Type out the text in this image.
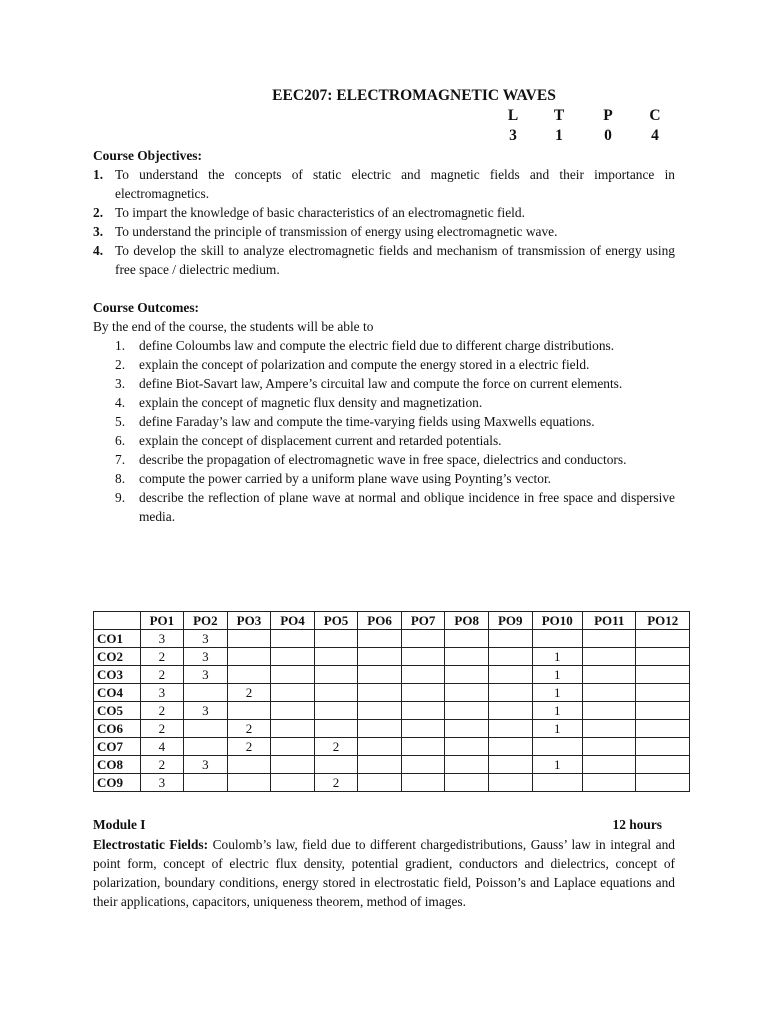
EEC207: ELECTROMAGNETIC WAVES
L	T	P	C
3	1	0	4
Course Objectives:
1. To understand the concepts of static electric and magnetic fields and their importance in electromagnetics.
2. To impart the knowledge of basic characteristics of an electromagnetic field.
3. To understand the principle of transmission of energy using electromagnetic wave.
4. To develop the skill to analyze electromagnetic fields and mechanism of transmission of energy using free space / dielectric medium.
Course Outcomes:
By the end of the course, the students will be able to
1. define Coloumbs law and compute the electric field due to different charge distributions.
2. explain the concept of polarization and compute the energy stored in a electric field.
3. define Biot-Savart law, Ampere’s circuital law and compute the force on current elements.
4. explain the concept of magnetic flux density and magnetization.
5. define Faraday’s law and compute the time-varying fields using Maxwells equations.
6. explain the concept of displacement current and retarded potentials.
7. describe the propagation of electromagnetic wave in free space, dielectrics and conductors.
8. compute the power carried by a uniform plane wave using Poynting’s vector.
9. describe the reflection of plane wave at normal and oblique incidence in free space and dispersive media.
	PO1	PO2	PO3	PO4	PO5	PO6	PO7	PO8	PO9	PO10	PO11	PO12
CO1	3	3										
CO2	2	3								1		
CO3	2	3								1		
CO4	3		2							1		
CO5	2	3								1		
CO6	2		2							1		
CO7	4		2		2							
CO8	2	3								1		
CO9	3				2							
Module I	12 hours
Electrostatic Fields: Coulomb’s law, field due to different chargedistributions, Gauss’ law in integral and point form, concept of electric flux density, potential gradient, conductors and dielectrics, concept of polarization, boundary conditions, energy stored in electrostatic field, Poisson’s and Laplace equations and their applications, capacitors, uniqueness theorem, method of images.
